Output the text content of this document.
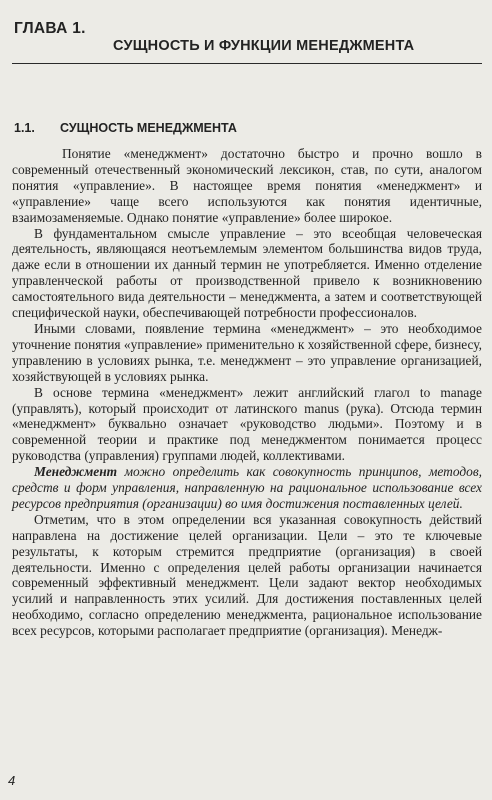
ГЛАВА 1.
СУЩНОСТЬ И ФУНКЦИИ МЕНЕДЖМЕНТА
1.1. СУЩНОСТЬ МЕНЕДЖМЕНТА

Понятие «менеджмент» достаточно быстро и прочно вошло в современный отечественный экономический лексикон, став, по сути, аналогом понятия «управление». В настоящее время понятия «менеджмент» и «управление» чаще всего используются как понятия идентичные, взаимозаменяемые. Однако понятие «управление» более широкое.

В фундаментальном смысле управление – это всеобщая человеческая деятельность, являющаяся неотъемлемым элементом большинства видов труда, даже если в отношении их данный термин не употребляется. Именно отделение управленческой работы от производственной привело к возникновению самостоятельного вида деятельности – менеджмента, а затем и соответствующей специфической науки, обеспечивающей потребности профессионалов.

Иными словами, появление термина «менеджмент» – это необходимое уточнение понятия «управление» применительно к хозяйственной сфере, бизнесу, управлению в условиях рынка, т.е. менеджмент – это управление организацией, хозяйствующей в условиях рынка.

В основе термина «менеджмент» лежит английский глагол to manage (управлять), который происходит от латинского manus (рука). Отсюда термин «менеджмент» буквально означает «руководство людьми». Поэтому и в современной теории и практике под менеджментом понимается процесс руководства (управления) группами людей, коллективами.

Менеджмент можно определить как совокупность принципов, методов, средств и форм управления, направленную на рациональное использование всех ресурсов предприятия (организации) во имя достижения поставленных целей.

Отметим, что в этом определении вся указанная совокупность действий направлена на достижение целей организации. Цели – это те ключевые результаты, к которым стремится предприятие (организация) в своей деятельности. Именно с определения целей работы организации начинается современный эффективный менеджмент. Цели задают вектор необходимых усилий и направленность этих усилий. Для достижения поставленных целей необходимо, согласно определению менеджмента, рациональное использование всех ресурсов, которыми располагает предприятие (организация). Менедж-

4
